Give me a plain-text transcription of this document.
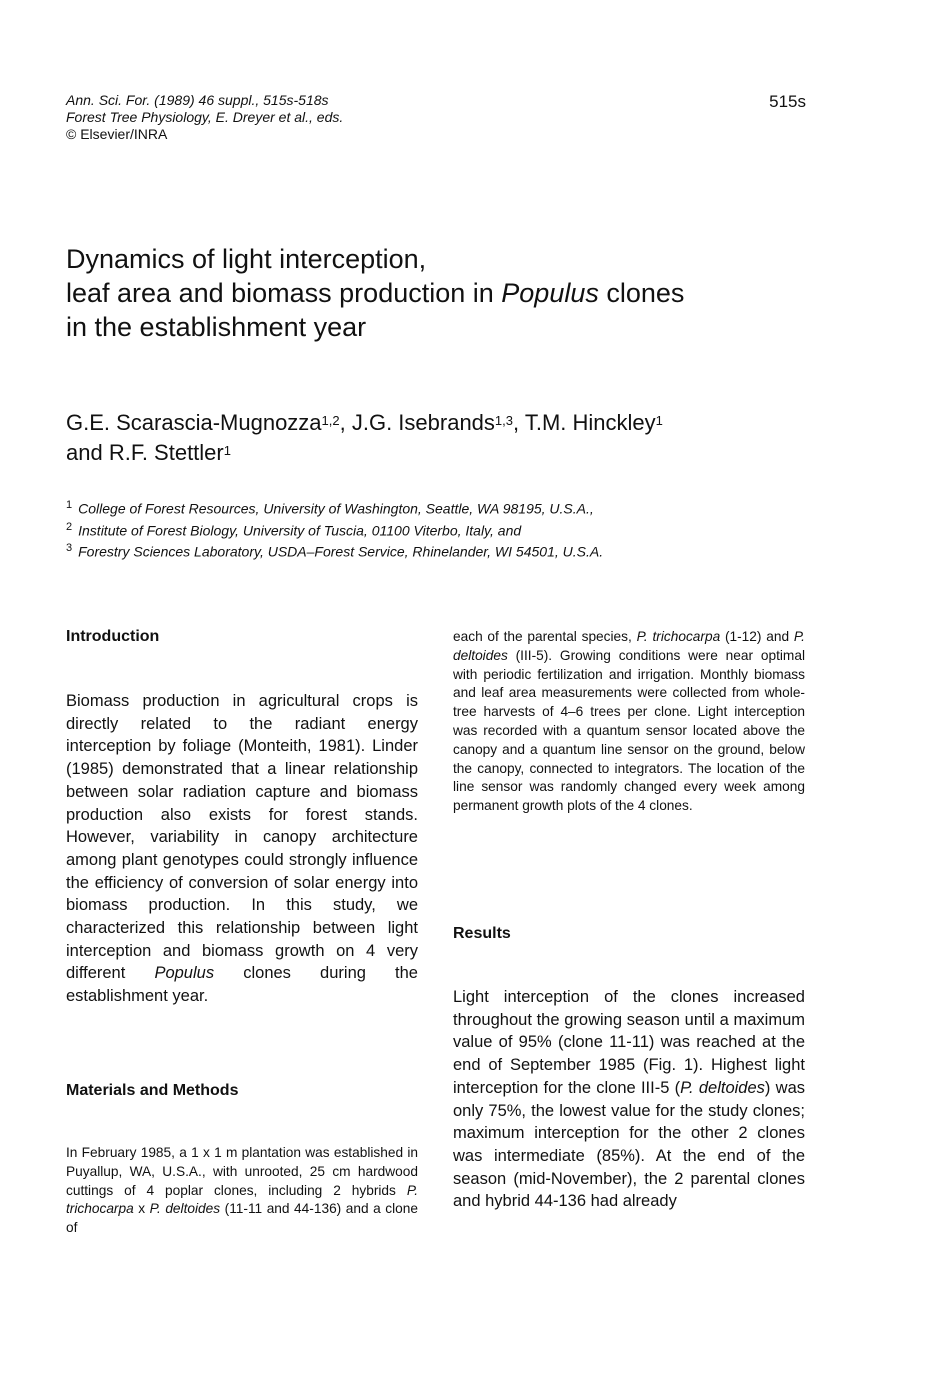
Ann. Sci. For. (1989) 46 suppl., 515s-518s
Forest Tree Physiology, E. Dreyer et al., eds.
© Elsevier/INRA
515s
Dynamics of light interception,
leaf area and biomass production in Populus clones
in the establishment year
G.E. Scarascia-Mugnozza$^{1,2}$, J.G. Isebrands$^{1,3}$, T.M. Hinckley$^1$
and R.F. Stettler$^1$
$^1$ College of Forest Resources, University of Washington, Seattle, WA 98195, U.S.A.,
$^2$ Institute of Forest Biology, University of Tuscia, 01100 Viterbo, Italy, and
$^3$ Forestry Sciences Laboratory, USDA–Forest Service, Rhinelander, WI 54501, U.S.A.
Introduction

Biomass production in agricultural crops is directly related to the radiant energy interception by foliage (Monteith, 1981). Linder (1985) demonstrated that a linear relationship between solar radiation capture and biomass production also exists for forest stands. However, variability in canopy architecture among plant genotypes could strongly influence the efficiency of conversion of solar energy into biomass production. In this study, we characterized this relationship between light interception and biomass growth on 4 very different Populus clones during the establishment year.

Materials and Methods

In February 1985, a 1 x 1 m plantation was established in Puyallup, WA, U.S.A., with unrooted, 25 cm hardwood cuttings of 4 poplar clones, including 2 hybrids P. trichocarpa x P. deltoides (11-11 and 44-136) and a clone of

each of the parental species, P. trichocarpa (1-12) and P. deltoides (III-5). Growing conditions were near optimal with periodic fertilization and irrigation. Monthly biomass and leaf area measurements were collected from whole-tree harvests of 4–6 trees per clone. Light interception was recorded with a quantum sensor located above the canopy and a quantum line sensor on the ground, below the canopy, connected to integrators. The location of the line sensor was randomly changed every week among permanent growth plots of the 4 clones.

Results

Light interception of the clones increased throughout the growing season until a maximum value of 95% (clone 11-11) was reached at the end of September 1985 (Fig. 1). Highest light interception for the clone III-5 (P. deltoides) was only 75%, the lowest value for the study clones; maximum interception for the other 2 clones was intermediate (85%). At the end of the season (mid-November), the 2 parental clones and hybrid 44-136 had already
